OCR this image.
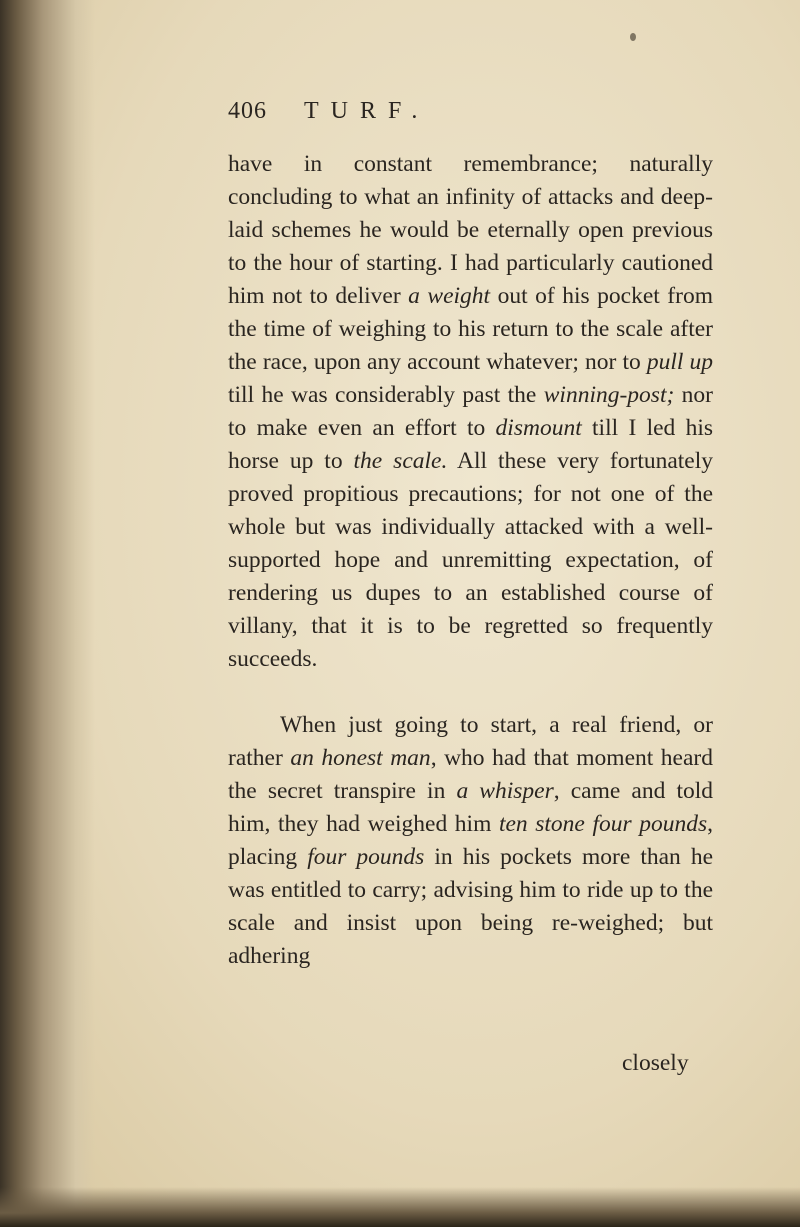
406 TURF.

have in constant remembrance; naturally concluding to what an infinity of attacks and deep-laid schemes he would be eternally open previous to the hour of starting. I had particularly cautioned him not to deliver a weight out of his pocket from the time of weighing to his return to the scale after the race, upon any account whatever; nor to pull up till he was considerably past the winning-post; nor to make even an effort to dismount till I led his horse up to the scale. All these very fortunately proved propitious precautions; for not one of the whole but was individually attacked with a well-supported hope and unremitting expectation, of rendering us dupes to an established course of villany, that it is to be regretted so frequently succeeds.

When just going to start, a real friend, or rather an honest man, who had that moment heard the secret transpire in a whisper, came and told him, they had weighed him ten stone four pounds, placing four pounds in his pockets more than he was entitled to carry; advising him to ride up to the scale and insist upon being re-weighed; but adhering

closely
